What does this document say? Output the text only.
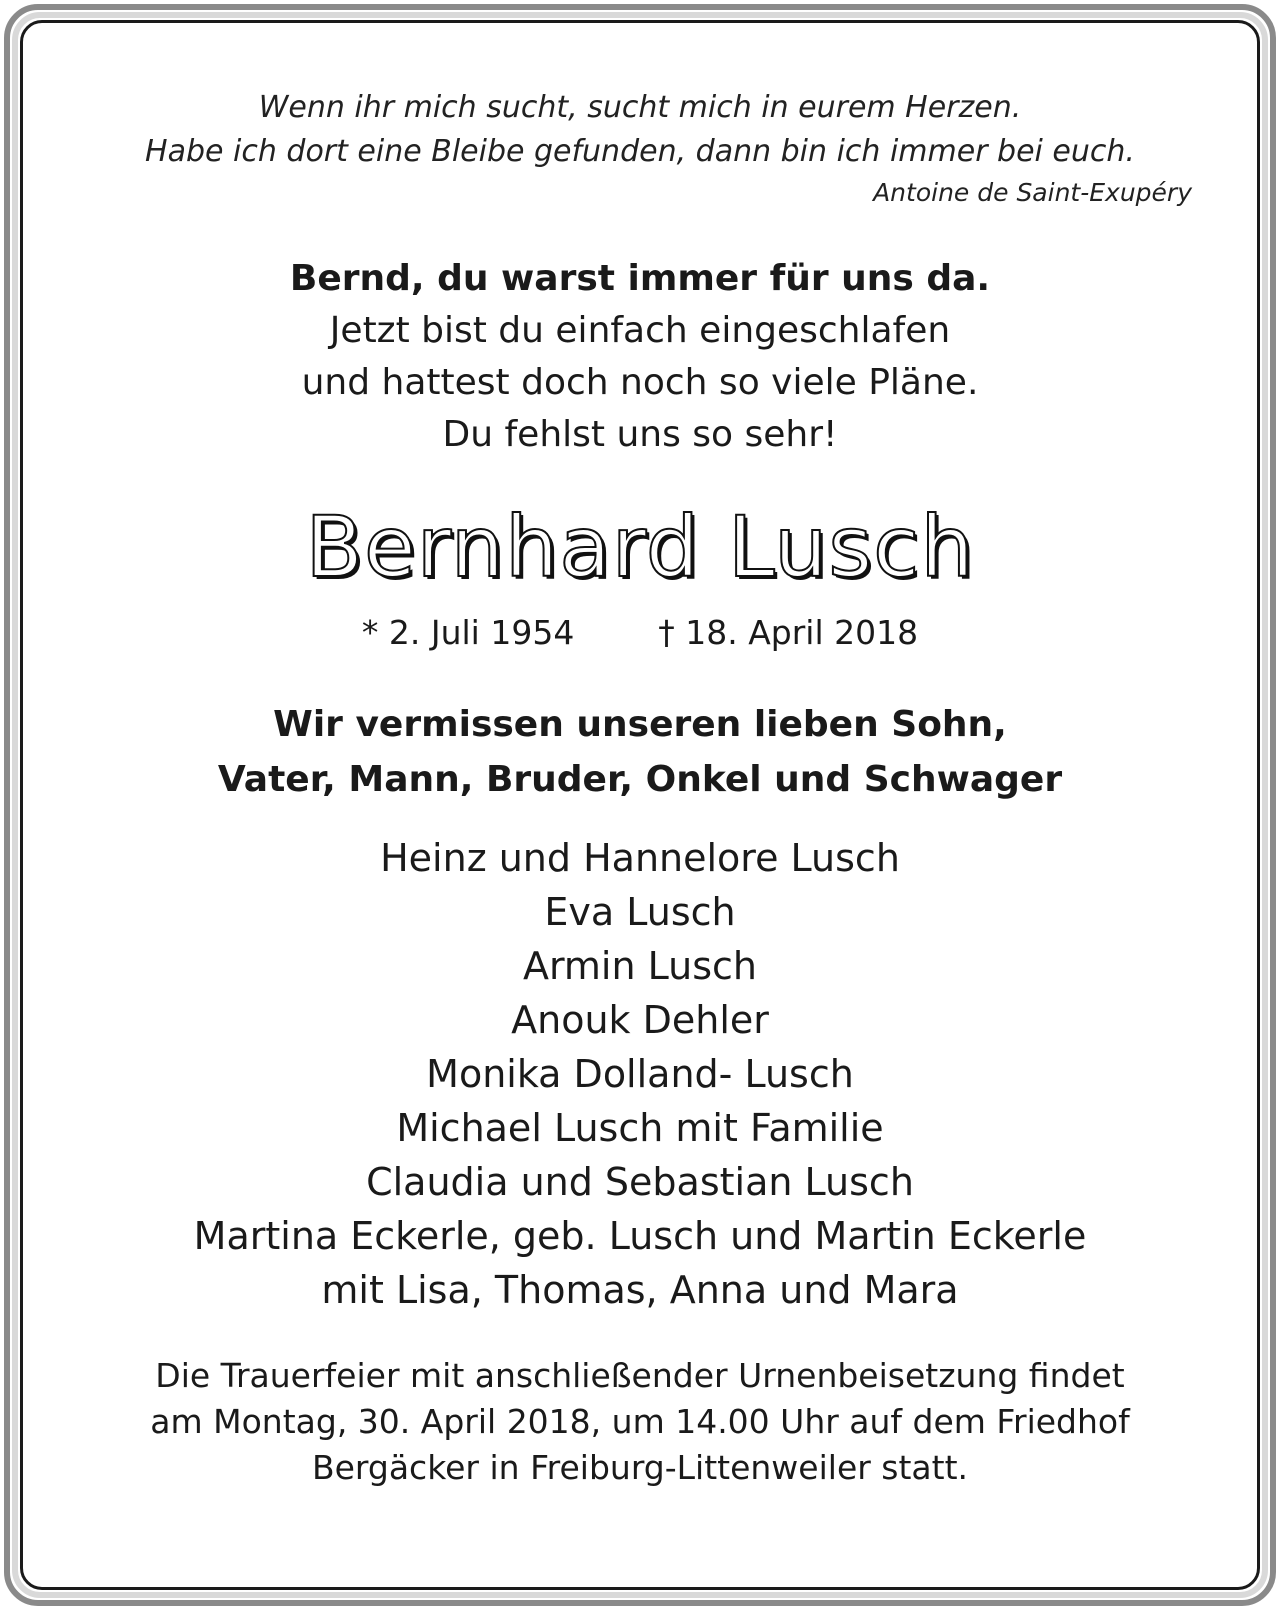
Wenn ihr mich sucht, sucht mich in eurem Herzen.
Habe ich dort eine Bleibe gefunden, dann bin ich immer bei euch.
Antoine de Saint-Exupéry
Bernd, du warst immer für uns da.
Jetzt bist du einfach eingeschlafen
und hattest doch noch so viele Pläne.
Du fehlst uns so sehr!
Bernhard Lusch
* 2. Juli 1954	† 18. April 2018
Wir vermissen unseren lieben Sohn,
Vater, Mann, Bruder, Onkel und Schwager
Heinz und Hannelore Lusch
Eva Lusch
Armin Lusch
Anouk Dehler
Monika Dolland- Lusch
Michael Lusch mit Familie
Claudia und Sebastian Lusch
Martina Eckerle, geb. Lusch und Martin Eckerle
mit Lisa, Thomas, Anna und Mara
Die Trauerfeier mit anschließender Urnenbeisetzung findet
am Montag, 30. April 2018, um 14.00 Uhr auf dem Friedhof
Bergäcker in Freiburg-Littenweiler statt.
